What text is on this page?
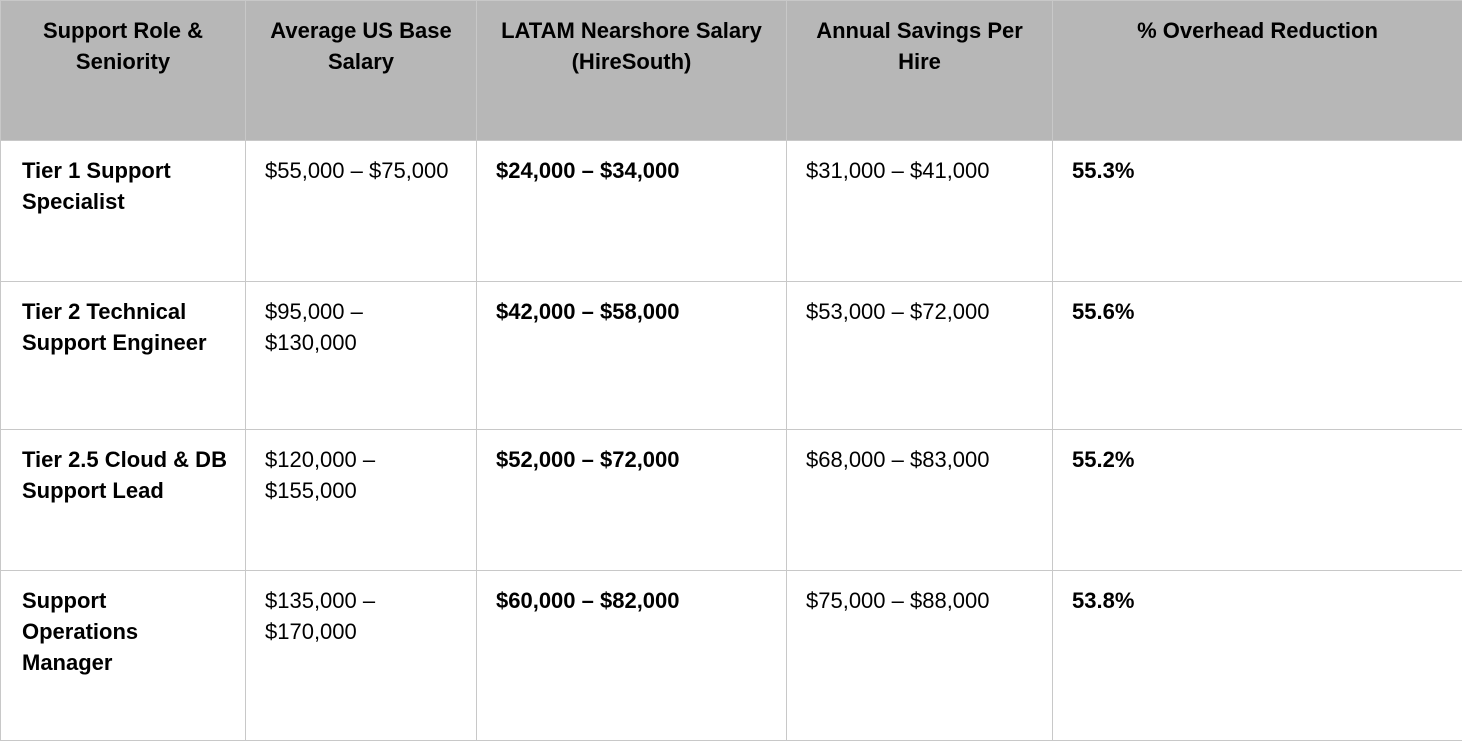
Support Role & Seniority	Average US Base Salary	LATAM Nearshore Salary (HireSouth)	Annual Savings Per Hire	% Overhead Reduction
Tier 1 Support Specialist	$55,000 – $75,000	$24,000 – $34,000	$31,000 – $41,000	55.3%
Tier 2 Technical Support Engineer	$95,000 – $130,000	$42,000 – $58,000	$53,000 – $72,000	55.6%
Tier 2.5 Cloud & DB Support Lead	$120,000 – $155,000	$52,000 – $72,000	$68,000 – $83,000	55.2%
Support Operations Manager	$135,000 – $170,000	$60,000 – $82,000	$75,000 – $88,000	53.8%
